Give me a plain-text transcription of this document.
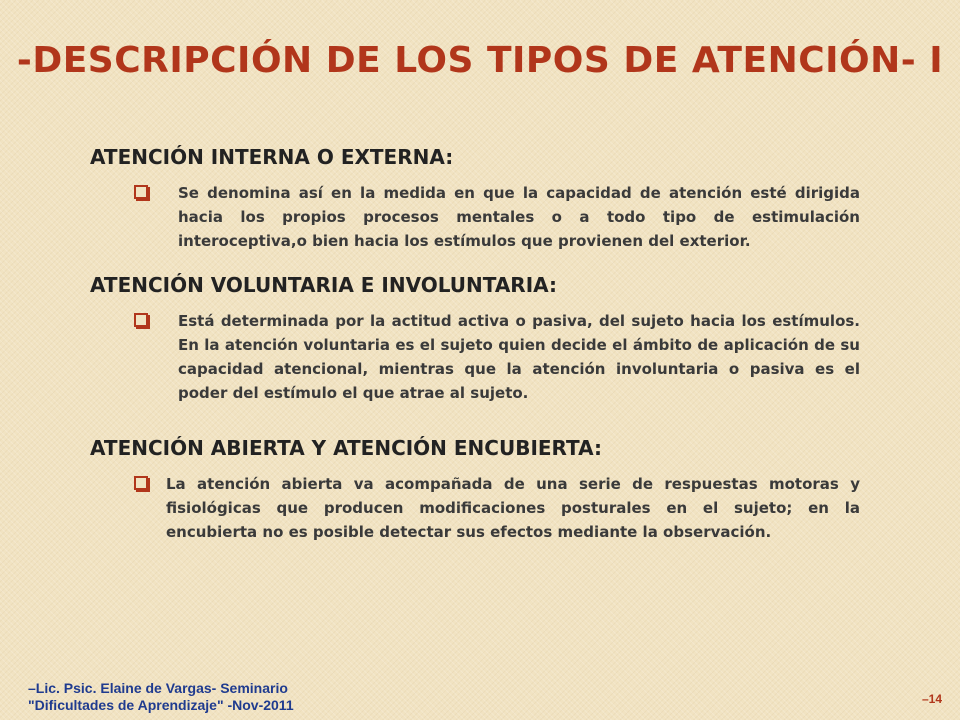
-DESCRIPCIÓN DE LOS TIPOS DE ATENCIÓN- I
ATENCIÓN INTERNA O EXTERNA:
Se denomina así en la medida en que la capacidad de atención esté dirigida hacia los propios procesos mentales o a todo tipo de estimulación interoceptiva,o bien hacia los estímulos que provienen del exterior.
ATENCIÓN VOLUNTARIA E INVOLUNTARIA:
Está determinada por la actitud activa o pasiva, del sujeto hacia los estímulos. En la atención voluntaria es el sujeto quien decide el ámbito de aplicación de su capacidad atencional, mientras que la atención involuntaria o pasiva es el poder del estímulo el que atrae al sujeto.
ATENCIÓN ABIERTA Y ATENCIÓN ENCUBIERTA:
La atención abierta va acompañada de una serie de respuestas motoras y fisiológicas que producen modificaciones posturales en el sujeto; en la encubierta no es posible detectar sus efectos mediante la observación.
–Lic. Psic. Elaine de Vargas- Seminario
"Dificultades de Aprendizaje" -Nov-2011	–14
